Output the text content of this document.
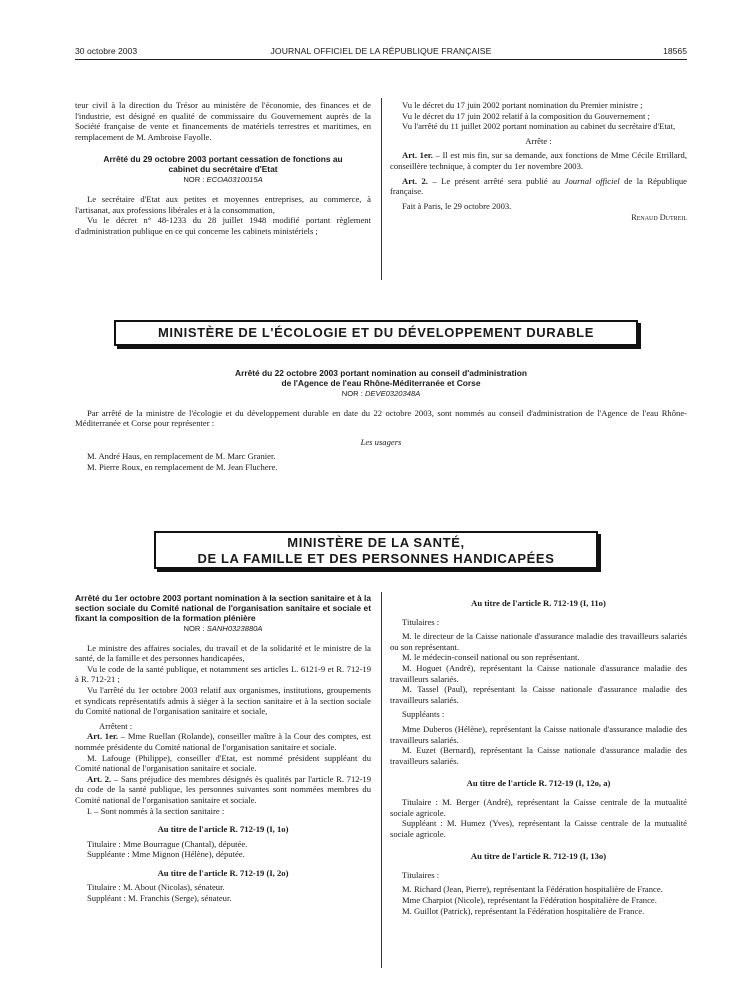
30 octobre 2003	JOURNAL OFFICIEL DE LA RÉPUBLIQUE FRANÇAISE	18565

teur civil à la direction du Trésor au ministère de l'économie, des finances et de l'industrie, est désigné en qualité de commissaire du Gouvernement auprès de la Société française de vente et financements de matériels terrestres et maritimes, en remplacement de M. Ambroise Fayolle.

Arrêté du 29 octobre 2003 portant cessation de fonctions au cabinet du secrétaire d'Etat
NOR : ECOA0310015A

Le secrétaire d'Etat aux petites et moyennes entreprises, au commerce, à l'artisanat, aux professions libérales et à la consommation,

Vu le décret n° 48-1233 du 28 juillet 1948 modifié portant règlement d'administration publique en ce qui concerne les cabinets ministériels ;

Vu le décret du 17 juin 2002 portant nomination du Premier ministre ;

Vu le décret du 17 juin 2002 relatif à la composition du Gouvernement ;

Vu l'arrêté du 11 juillet 2002 portant nomination au cabinet du secrétaire d'Etat,

Arrête :

Art. 1er. – Il est mis fin, sur sa demande, aux fonctions de Mme Cécile Etrillard, conseillère technique, à compter du 1er novembre 2003.

Art. 2. – Le présent arrêté sera publié au Journal officiel de la République française.

Fait à Paris, le 29 octobre 2003.

Renaud Dutreil

MINISTÈRE DE L'ÉCOLOGIE ET DU DÉVELOPPEMENT DURABLE
Arrêté du 22 octobre 2003 portant nomination au conseil d'administration
de l'Agence de l'eau Rhône-Méditerranée et Corse
NOR : DEVE0320348A

Par arrêté de la ministre de l'écologie et du développement durable en date du 22 octobre 2003, sont nommés au conseil d'administration de l'Agence de l'eau Rhône-Méditerranée et Corse pour représenter :

Les usagers

M. André Haus, en remplacement de M. Marc Granier.

M. Pierre Roux, en remplacement de M. Jean Fluchere.

MINISTÈRE DE LA SANTÉ,
DE LA FAMILLE ET DES PERSONNES HANDICAPÉES
Arrêté du 1er octobre 2003 portant nomination à la section sanitaire et à la section sociale du Comité national de l'organisation sanitaire et sociale et fixant la composition de la formation plénière
NOR : SANH0323880A

Le ministre des affaires sociales, du travail et de la solidarité et le ministre de la santé, de la famille et des personnes handicapées,

Vu le code de la santé publique, et notamment ses articles L. 6121-9 et R. 712-19 à R. 712-21 ;

Vu l'arrêté du 1er octobre 2003 relatif aux organismes, institutions, groupements et syndicats représentatifs admis à siéger à la section sanitaire et à la section sociale du Comité national de l'organisation sanitaire et sociale,

Arrêtent :

Art. 1er. – Mme Ruellan (Rolande), conseiller maître à la Cour des comptes, est nommée présidente du Comité national de l'organisation sanitaire et sociale.

M. Lafouge (Philippe), conseiller d'Etat, est nommé président suppléant du Comité national de l'organisation sanitaire et sociale.

Art. 2. – Sans préjudice des membres désignés ès qualités par l'article R. 712-19 du code de la santé publique, les personnes suivantes sont nommées membres du Comité national de l'organisation sanitaire et sociale.

I. – Sont nommés à la section sanitaire :

Au titre de l'article R. 712-19 (I, 1o)

Titulaire : Mme Bourrague (Chantal), députée.

Suppléante : Mme Mignon (Hélène), députée.

Au titre de l'article R. 712-19 (I, 2o)

Titulaire : M. About (Nicolas), sénateur.

Suppléant : M. Franchis (Serge), sénateur.

Au titre de l'article R. 712-19 (I, 11o)

Titulaires :

M. le directeur de la Caisse nationale d'assurance maladie des travailleurs salariés ou son représentant.

M. le médecin-conseil national ou son représentant.

M. Hoguet (André), représentant la Caisse nationale d'assurance maladie des travailleurs salariés.

M. Tassel (Paul), représentant la Caisse nationale d'assurance maladie des travailleurs salariés.

Suppléants :

Mme Duberos (Hélène), représentant la Caisse nationale d'assurance maladie des travailleurs salariés.

M. Euzet (Bernard), représentant la Caisse nationale d'assurance maladie des travailleurs salariés.

Au titre de l'article R. 712-19 (I, 12o, a)

Titulaire : M. Berger (André), représentant la Caisse centrale de la mutualité sociale agricole.

Suppléant : M. Humez (Yves), représentant la Caisse centrale de la mutualité sociale agricole.

Au titre de l'article R. 712-19 (I, 13o)

Titulaires :

M. Richard (Jean, Pierre), représentant la Fédération hospitalière de France.

Mme Charpiot (Nicole), représentant la Fédération hospitalière de France.

M. Guillot (Patrick), représentant la Fédération hospitalière de France.
